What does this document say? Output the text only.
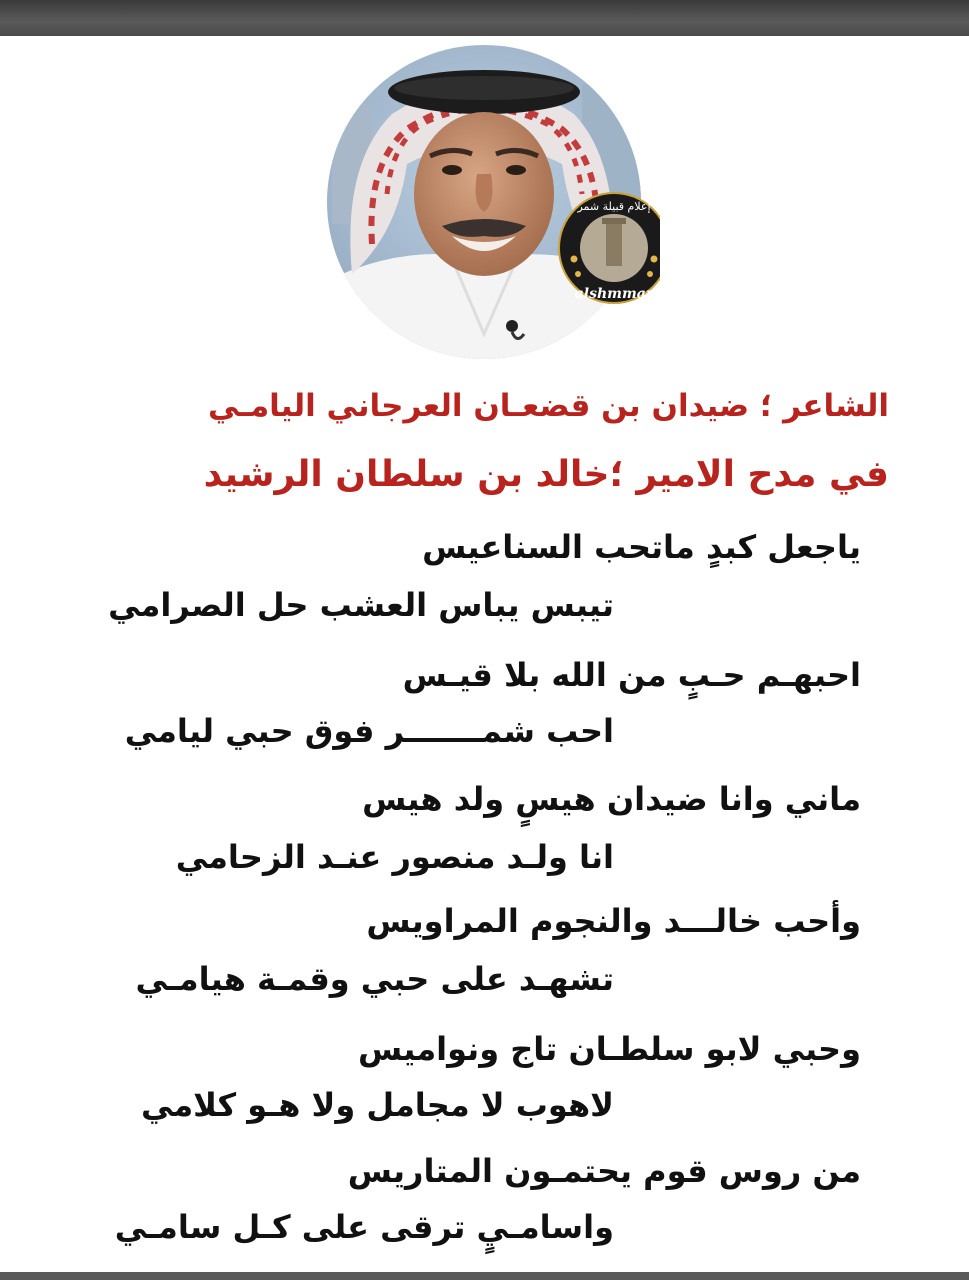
إعلام قبيلة شمر
alshmmar

الشاعر ؛ ضيدان بن قضعـان العرجاني اليامـي

في مدح الامير ؛خالد بن سلطان الرشيد

ياجعل كبدٍ ماتحب السناعيس

تيبس يباس العشب حل الصرامي

احبهـم حـبٍ من الله بلا قيـس

احب شمـــــــر فوق حبي ليامي

ماني وانا ضيدان هيسٍ ولد هيس

انا ولـد منصور عنـد الزحامي

وأحب خالـــد والنجوم المراويس

تشهـد على حبي وقمـة هيامـي

وحبي لابو سلطـان تاج ونواميس

لاهوب لا مجامل ولا هـو كلامي

من روس قوم يحتمـون المتاريس

واسامـيٍ ترقى على كـل سامـي
